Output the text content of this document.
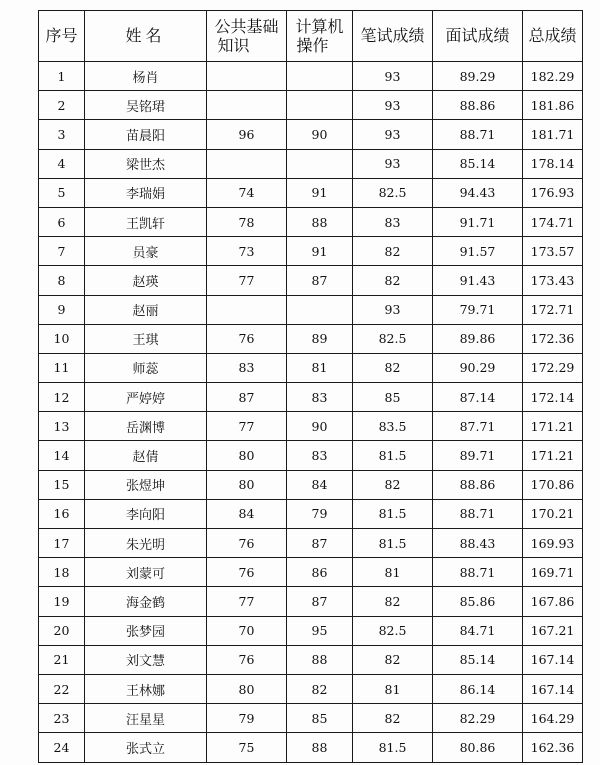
序号	姓名	公共基础
知识	计算机
操作	笔试成绩	面试成绩	总成绩
1	杨肖			93	89.29	182.29
2	吴铭珺			93	88.86	181.86
3	苗晨阳	96	90	93	88.71	181.71
4	梁世杰			93	85.14	178.14
5	李瑞娟	74	91	82.5	94.43	176.93
6	王凯轩	78	88	83	91.71	174.71
7	员豪	73	91	82	91.57	173.57
8	赵瑛	77	87	82	91.43	173.43
9	赵丽			93	79.71	172.71
10	王琪	76	89	82.5	89.86	172.36
11	师蕊	83	81	82	90.29	172.29
12	严婷婷	87	83	85	87.14	172.14
13	岳渊博	77	90	83.5	87.71	171.21
14	赵倩	80	83	81.5	89.71	171.21
15	张煜坤	80	84	82	88.86	170.86
16	李向阳	84	79	81.5	88.71	170.21
17	朱光明	76	87	81.5	88.43	169.93
18	刘蒙可	76	86	81	88.71	169.71
19	海金鹤	77	87	82	85.86	167.86
20	张梦园	70	95	82.5	84.71	167.21
21	刘文慧	76	88	82	85.14	167.14
22	王林娜	80	82	81	86.14	167.14
23	汪星星	79	85	82	82.29	164.29
24	张式立	75	88	81.5	80.86	162.36
